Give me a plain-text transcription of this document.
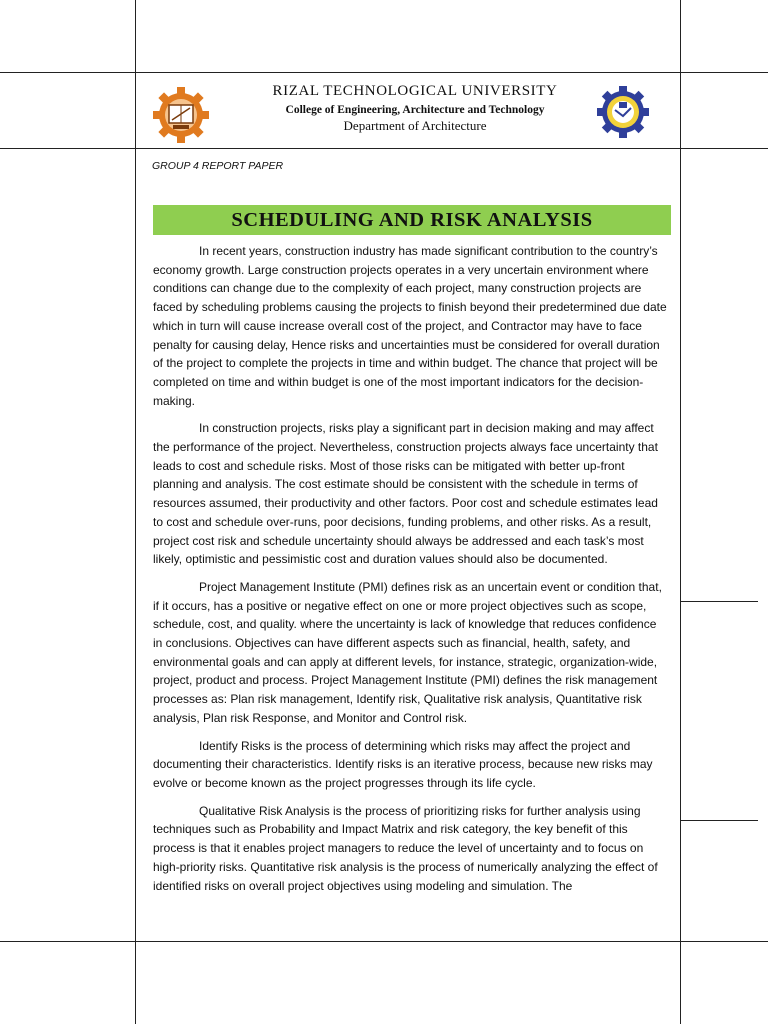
RIZAL TECHNOLOGICAL UNIVERSITY
College of Engineering, Architecture and Technology
Department of Architecture
GROUP 4 REPORT PAPER
SCHEDULING AND RISK ANALYSIS

In recent years, construction industry has made significant contribution to the country’s economy growth. Large construction projects operates in a very uncertain environment where conditions can change due to the complexity of each project, many construction projects are faced by scheduling problems causing the projects to finish beyond their predetermined due date which in turn will cause increase overall cost of the project, and Contractor may have to face penalty for causing delay, Hence risks and uncertainties must be considered for overall duration of the project to complete the projects in time and within budget. The chance that project will be completed on time and within budget is one of the most important indicators for the decision-making.

In construction projects, risks play a significant part in decision making and may affect the performance of the project. Nevertheless, construction projects always face uncertainty that leads to cost and schedule risks. Most of those risks can be mitigated with better up-front planning and analysis. The cost estimate should be consistent with the schedule in terms of resources assumed, their productivity and other factors. Poor cost and schedule estimates lead to cost and schedule over-runs, poor decisions, funding problems, and other risks. As a result, project cost risk and schedule uncertainty should always be addressed and each task’s most likely, optimistic and pessimistic cost and duration values should also be documented.

Project Management Institute (PMI) defines risk as an uncertain event or condition that, if it occurs, has a positive or negative effect on one or more project objectives such as scope, schedule, cost, and quality. where the uncertainty is lack of knowledge that reduces confidence in conclusions. Objectives can have different aspects such as financial, health, safety, and environmental goals and can apply at different levels, for instance, strategic, organization-wide, project, product and process. Project Management Institute (PMI) defines the risk management processes as: Plan risk management, Identify risk, Qualitative risk analysis, Quantitative risk analysis, Plan risk Response, and Monitor and Control risk.

Identify Risks is the process of determining which risks may affect the project and documenting their characteristics. Identify risks is an iterative process, because new risks may evolve or become known as the project progresses through its life cycle.

Qualitative Risk Analysis is the process of prioritizing risks for further analysis using techniques such as Probability and Impact Matrix and risk category, the key benefit of this process is that it enables project managers to reduce the level of uncertainty and to focus on high-priority risks. Quantitative risk analysis is the process of numerically analyzing the effect of identified risks on overall project objectives using modeling and simulation. The
